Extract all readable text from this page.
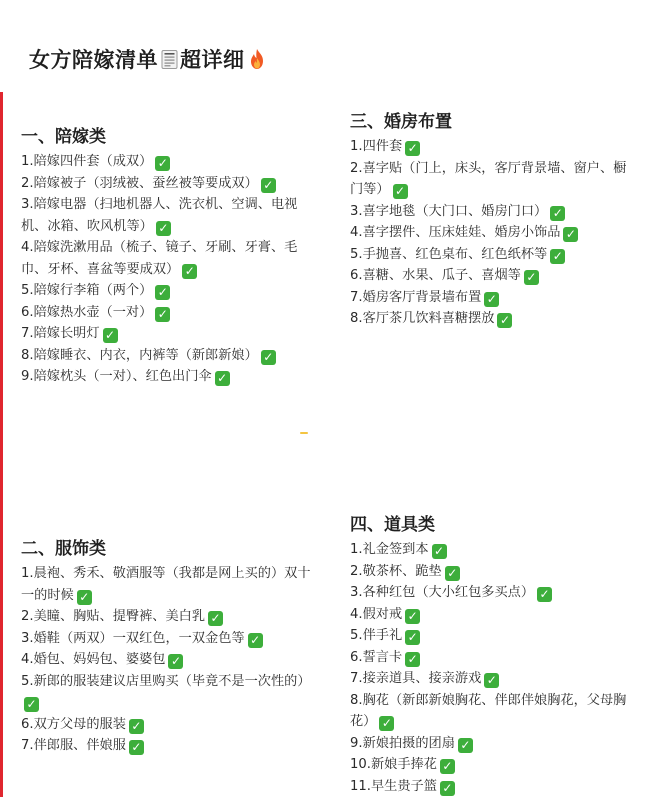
女方陪嫁清单 超详细
一、陪嫁类
1.陪嫁四件套（成双） ✓
2.陪嫁被子（羽绒被、蚕丝被等要成双） ✓
3.陪嫁电器（扫地机器人、洗衣机、空调、电视机、冰箱、吹风机等） ✓
4.陪嫁洗漱用品（梳子、镜子、牙刷、牙膏、毛巾、牙杯、喜盆等要成双） ✓
5.陪嫁行李箱（两个） ✓
6.陪嫁热水壶（一对） ✓
7.陪嫁长明灯 ✓
8.陪嫁睡衣、内衣，内裤等（新郎新娘） ✓
9.陪嫁枕头（一对）、红色出门伞 ✓
三、婚房布置
1.四件套 ✓
2.喜字贴（门上，床头，客厅背景墙、窗户、橱门等） ✓
3.喜字地毯（大门口、婚房门口） ✓
4.喜字摆件、压床娃娃、婚房小饰品 ✓
5.手抛喜、红色桌布、红色纸杯等 ✓
6.喜糖、水果、瓜子、喜烟等 ✓
7.婚房客厅背景墙布置 ✓
8.客厅茶几饮料喜糖摆放 ✓
二、服饰类
1.晨袍、秀禾、敬酒服等（我都是网上买的）双十一的时候 ✓
2.美瞳、胸贴、提臀裤、美白乳 ✓
3.婚鞋（两双）一双红色，一双金色等 ✓
4.婚包、妈妈包、婆婆包 ✓
5.新郎的服装建议店里购买（毕竟不是一次性的）✓
6.双方父母的服装 ✓
7.伴郎服、伴娘服 ✓
四、道具类
1.礼金签到本 ✓
2.敬茶杯、跪垫 ✓
3.各种红包（大小红包多买点） ✓
4.假对戒 ✓
5.伴手礼 ✓
6.誓言卡 ✓
7.接亲道具、接亲游戏 ✓
8.胸花（新郎新娘胸花、伴郎伴娘胸花，父母胸花） ✓
9.新娘拍摄的团扇 ✓
10.新娘手捧花 ✓
11.早生贵子篮 ✓
